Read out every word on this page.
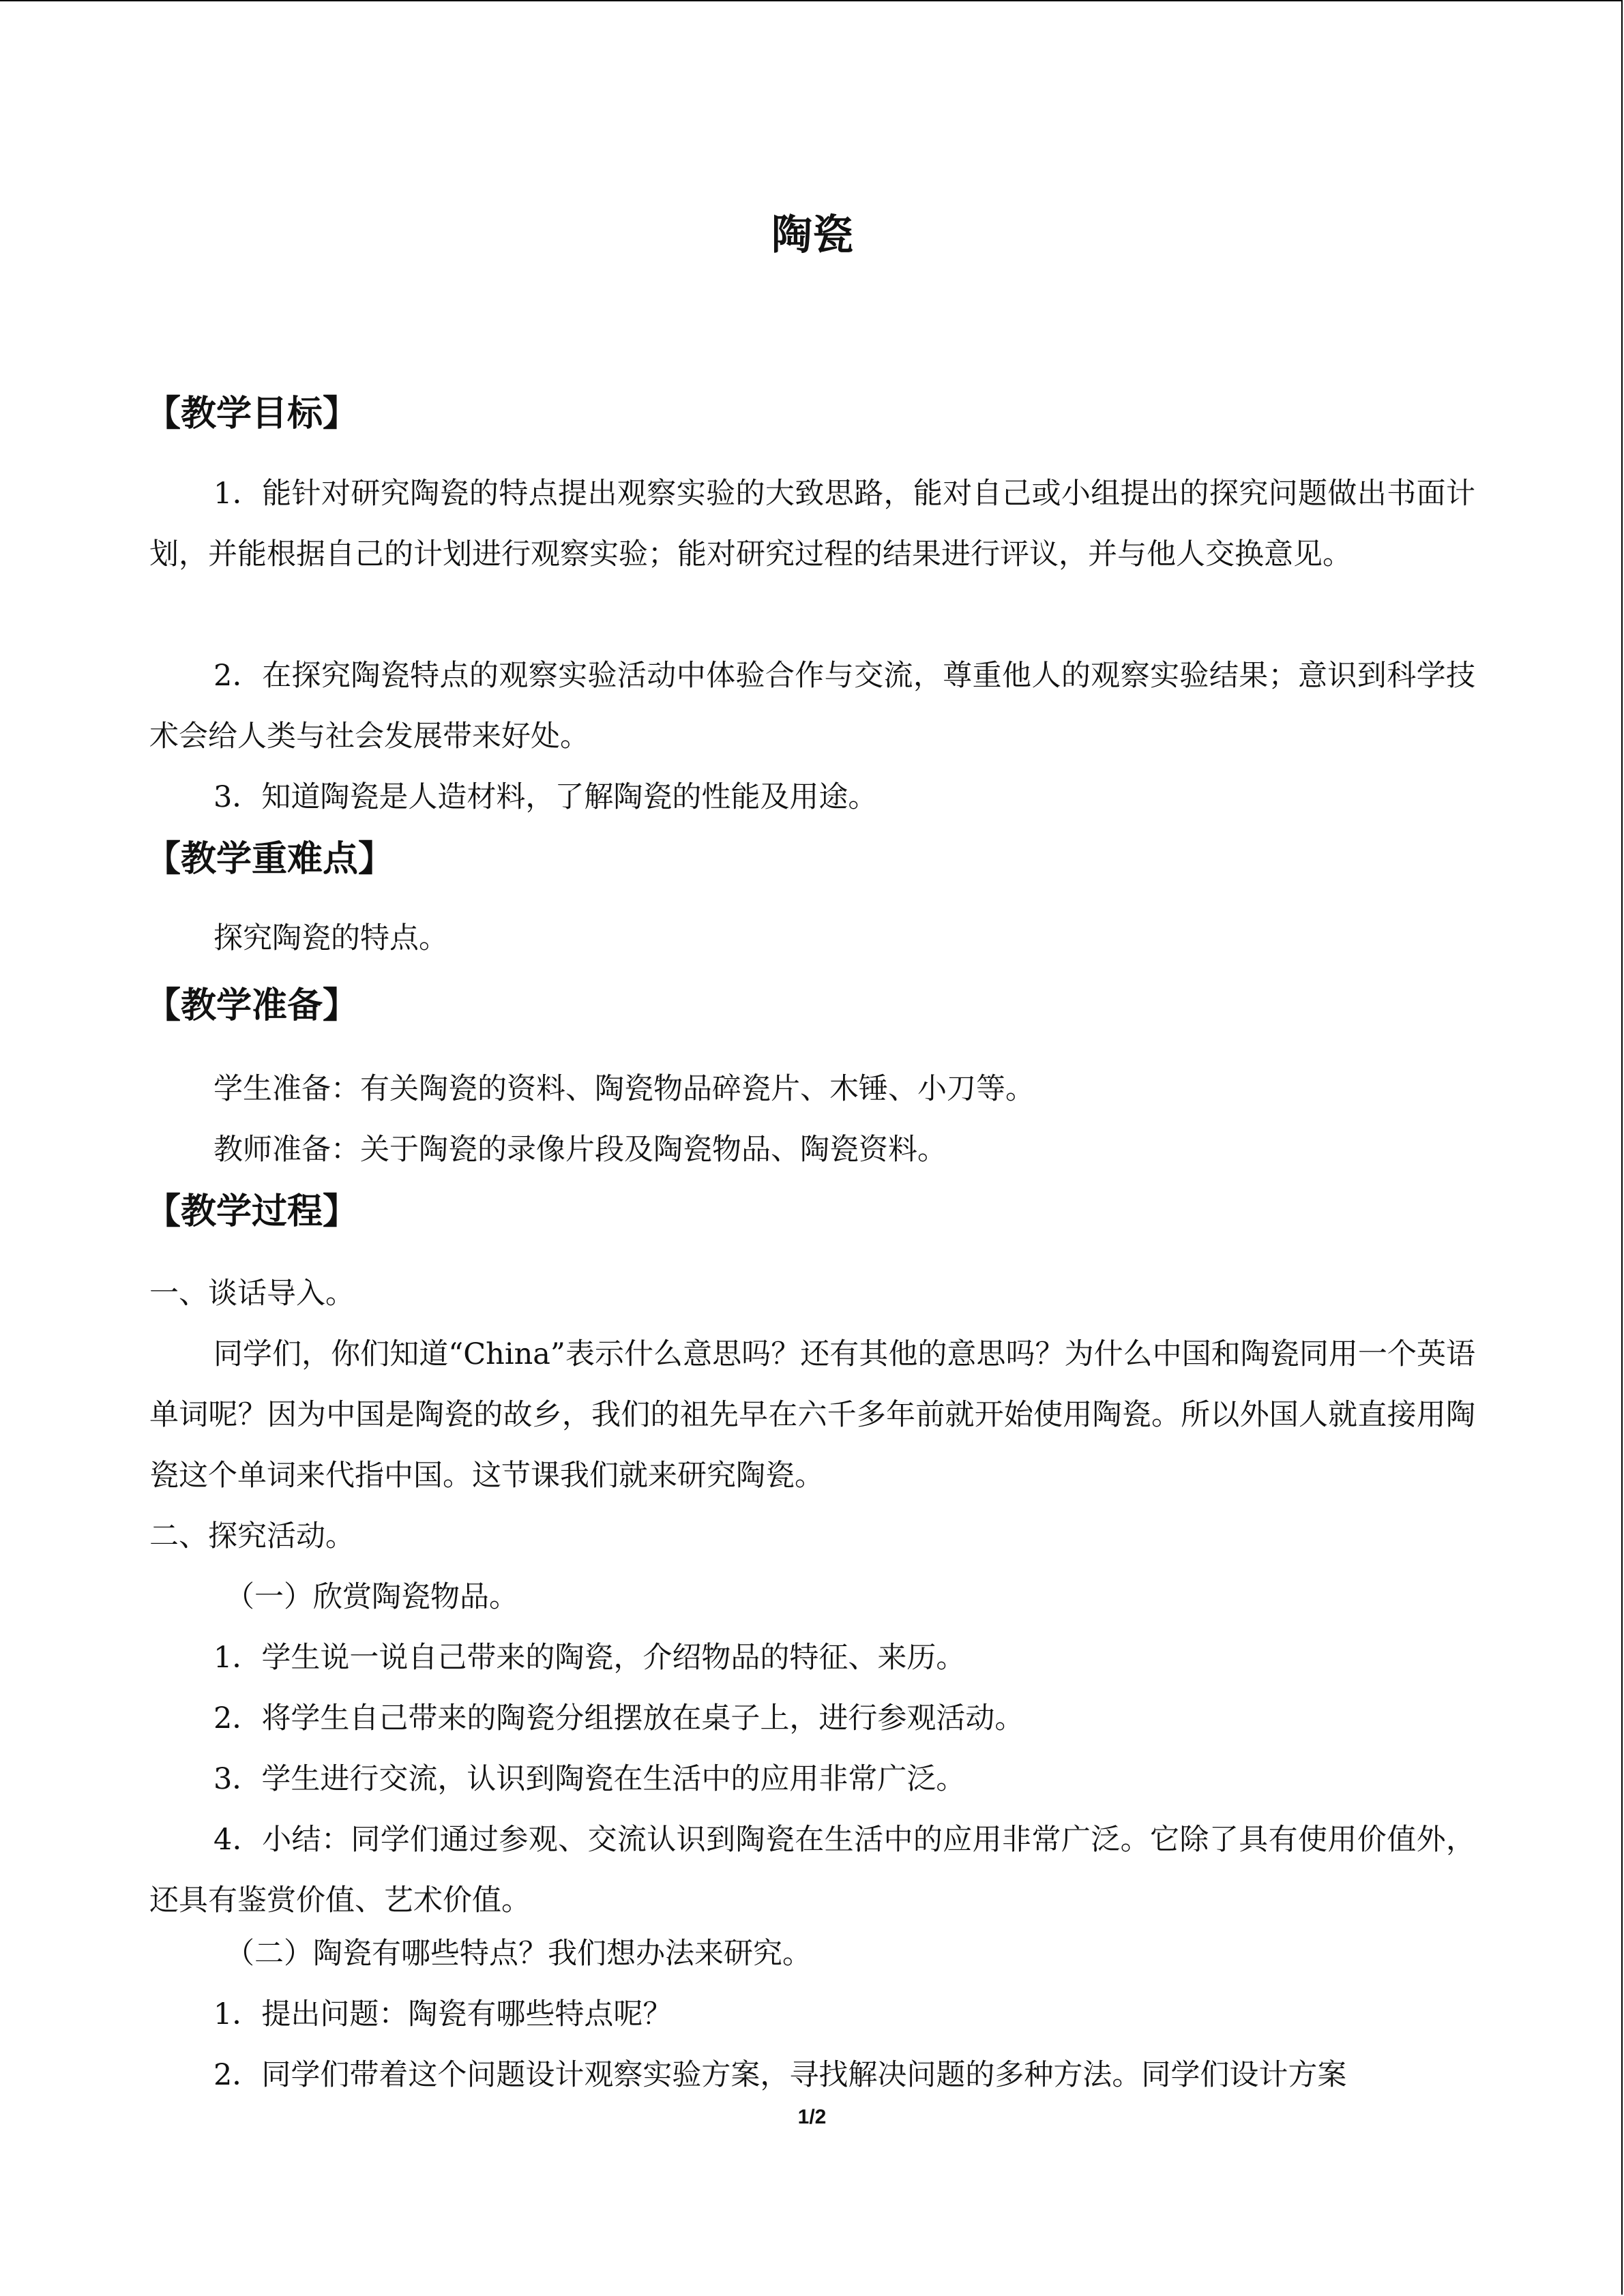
陶瓷
【教学目标】

1．能针对研究陶瓷的特点提出观察实验的大致思路，能对自己或小组提出的探究问题做出书面计划，并能根据自己的计划进行观察实验；能对研究过程的结果进行评议，并与他人交换意见。

2．在探究陶瓷特点的观察实验活动中体验合作与交流，尊重他人的观察实验结果；意识到科学技术会给人类与社会发展带来好处。

3．知道陶瓷是人造材料，了解陶瓷的性能及用途。

【教学重难点】

探究陶瓷的特点。

【教学准备】

学生准备：有关陶瓷的资料、陶瓷物品碎瓷片、木锤、小刀等。

教师准备：关于陶瓷的录像片段及陶瓷物品、陶瓷资料。

【教学过程】

一、谈话导入。

同学们，你们知道“China”表示什么意思吗？还有其他的意思吗？为什么中国和陶瓷同用一个英语单词呢？因为中国是陶瓷的故乡，我们的祖先早在六千多年前就开始使用陶瓷。所以外国人就直接用陶瓷这个单词来代指中国。这节课我们就来研究陶瓷。

二、探究活动。

（一）欣赏陶瓷物品。

1．学生说一说自己带来的陶瓷，介绍物品的特征、来历。

2．将学生自己带来的陶瓷分组摆放在桌子上，进行参观活动。

3．学生进行交流，认识到陶瓷在生活中的应用非常广泛。

4．小结：同学们通过参观、交流认识到陶瓷在生活中的应用非常广泛。它除了具有使用价值外，还具有鉴赏价值、艺术价值。

（二）陶瓷有哪些特点？我们想办法来研究。

1．提出问题：陶瓷有哪些特点呢？

2．同学们带着这个问题设计观察实验方案，寻找解决问题的多种方法。同学们设计方案

1/2
